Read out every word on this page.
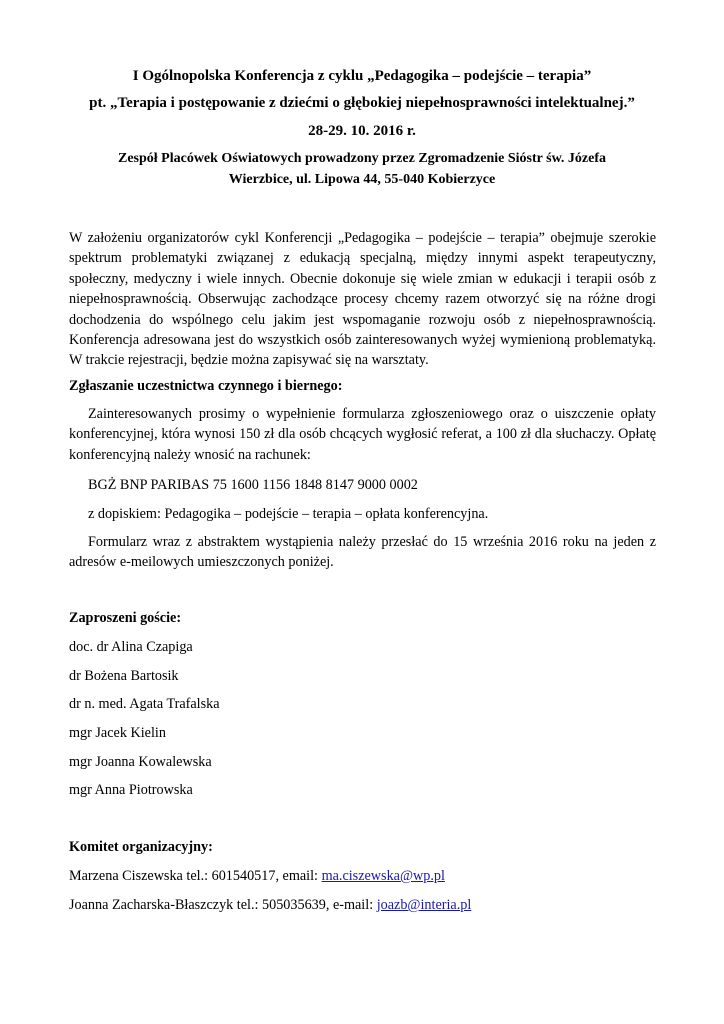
I Ogólnopolska Konferencja z cyklu „Pedagogika – podejście – terapia”
pt. „Terapia i postępowanie z dziećmi o głębokiej niepełnosprawności intelektualnej.”
28-29. 10. 2016 r.
Zespół Placówek Oświatowych prowadzony przez Zgromadzenie Sióstr św. Józefa
Wierzbice, ul. Lipowa 44, 55-040 Kobierzyce
W założeniu organizatorów cykl Konferencji „Pedagogika – podejście – terapia” obejmuje szerokie spektrum problematyki związanej z edukacją specjalną, między innymi aspekt terapeutyczny, społeczny, medyczny i wiele innych. Obecnie dokonuje się wiele zmian w edukacji i terapii osób z niepełnosprawnością. Obserwując zachodzące procesy chcemy razem otworzyć się na różne drogi dochodzenia do wspólnego celu jakim jest wspomaganie rozwoju osób z niepełnosprawnością. Konferencja adresowana jest do wszystkich osób zainteresowanych wyżej wymienioną problematyką. W trakcie rejestracji, będzie można zapisywać się na warsztaty.
Zgłaszanie uczestnictwa czynnego i biernego:
Zainteresowanych prosimy o wypełnienie formularza zgłoszeniowego oraz o uiszczenie opłaty konferencyjnej, która wynosi 150 zł dla osób chcących wygłosić referat, a 100 zł dla słuchaczy. Opłatę konferencyjną należy wnosić na rachunek:
BGŻ BNP PARIBAS 75 1600 1156 1848 8147 9000 0002
z dopiskiem: Pedagogika – podejście – terapia – opłata konferencyjna.
Formularz wraz z abstraktem wystąpienia należy przesłać do 15 września 2016 roku na jeden z adresów e-meilowych umieszczonych poniżej.
Zaproszeni goście:
doc. dr Alina Czapiga
dr Bożena Bartosik
dr n. med. Agata Trafalska
mgr Jacek Kielin
mgr Joanna Kowalewska
mgr Anna Piotrowska
Komitet organizacyjny:
Marzena Ciszewska tel.: 601540517, email: ma.ciszewska@wp.pl
Joanna Zacharska-Błaszczyk tel.: 505035639, e-mail: joazb@interia.pl
